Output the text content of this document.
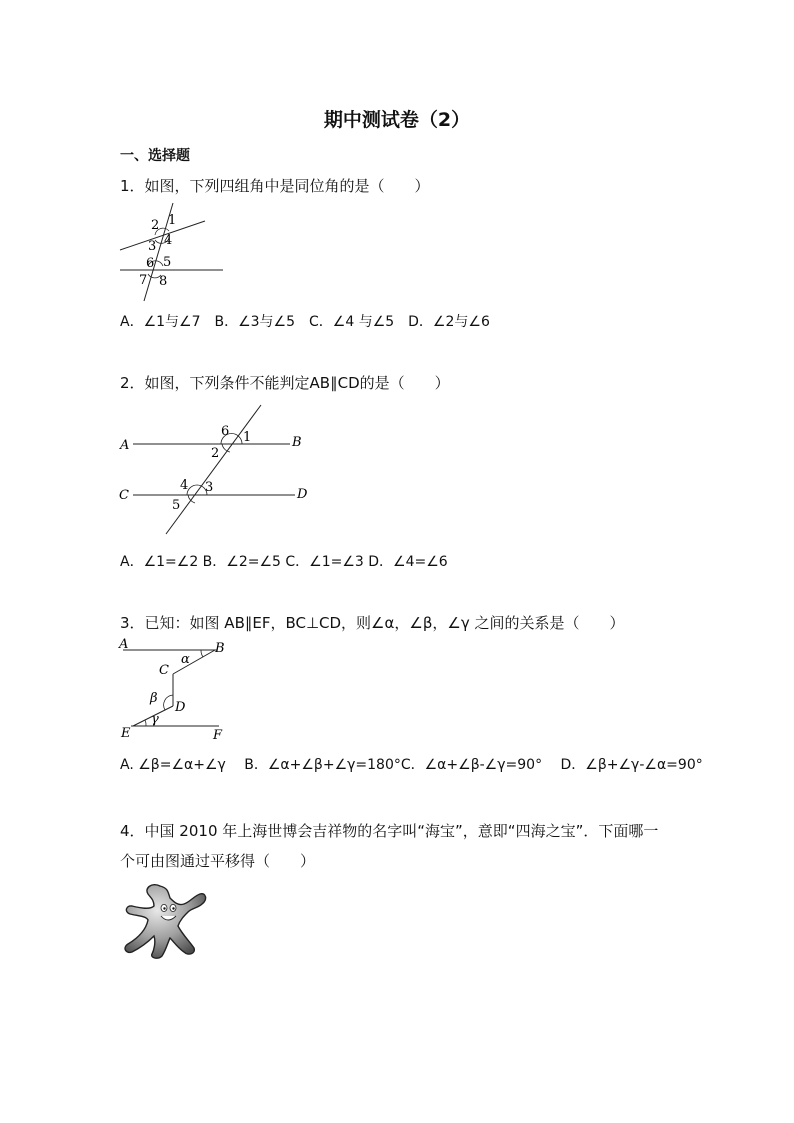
期中测试卷（2）
一、选择题
1．如图，下列四组角中是同位角的是（　　）
1
2
3 4
5
6
7 8
A．∠1与∠7　B．∠3与∠5　C．∠4 与∠5　D．∠2与∠6
2．如图，下列条件不能判定AB∥CD的是（　　）
A	B
C	D
1
2
3
4
5
6
A．∠1=∠2 B．∠2=∠5 C．∠1=∠3 D．∠4=∠6
3．已知：如图 AB∥EF，BC⊥CD，则∠α，∠β，∠γ 之间的关系是（　　）
A	B
C
D
E	F
α
β
γ
A. ∠β=∠α+∠γ　 B．∠α+∠β+∠γ=180°C．∠α+∠β-∠γ=90°　 D．∠β+∠γ-∠α=90°
4．中国 2010 年上海世博会吉祥物的名字叫“海宝”，意即“四海之宝”．下面哪一
个可由图通过平移得（　　）
